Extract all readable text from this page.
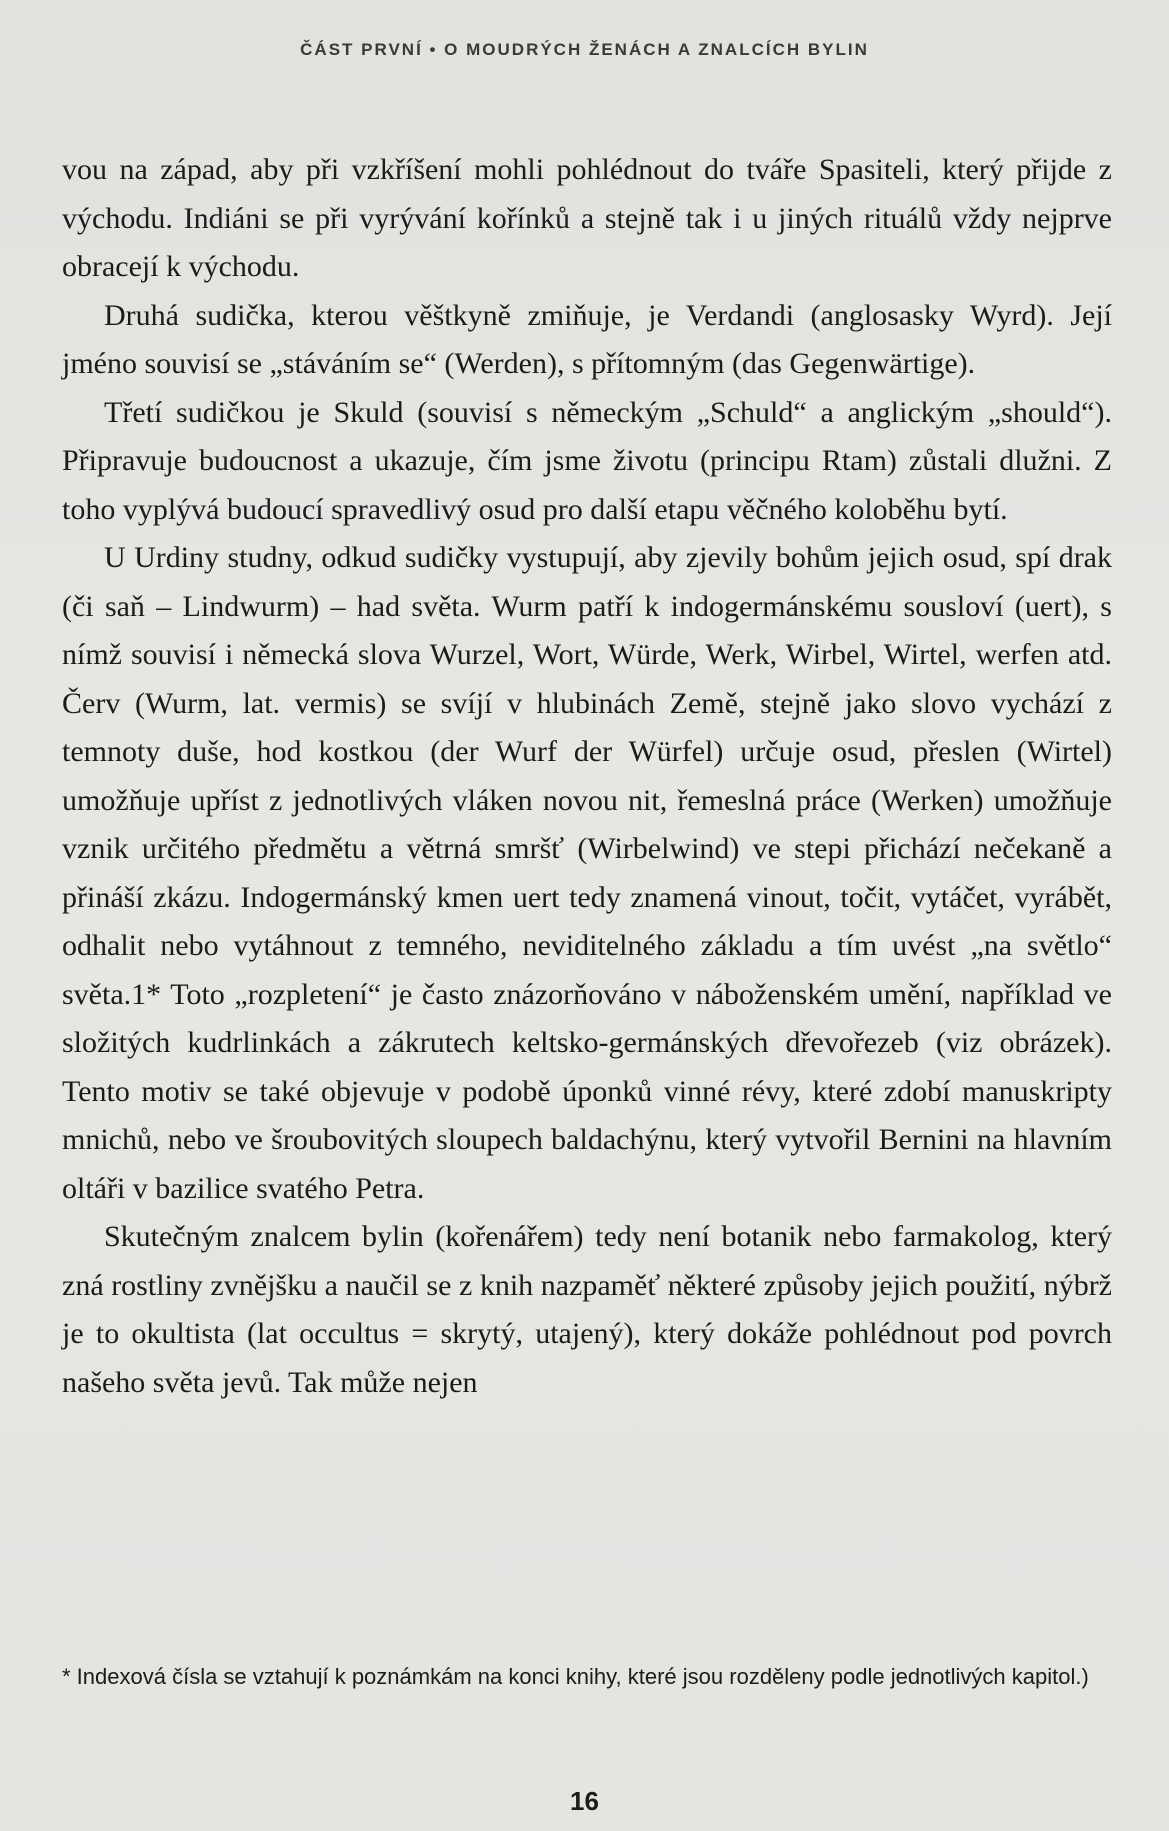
ČÁST PRVNÍ • O MOUDRÝCH ŽENÁCH A ZNALCÍCH BYLIN

vou na západ, aby při vzkříšení mohli pohlédnout do tváře Spasiteli, který přijde z východu. Indiáni se při vyrývání kořínků a stejně tak i u jiných rituálů vždy nejprve obracejí k východu.

Druhá sudička, kterou věštkyně zmiňuje, je Verdandi (anglosasky Wyrd). Její jméno souvisí se „stáváním se“ (Werden), s přítomným (das Gegenwärtige).

Třetí sudičkou je Skuld (souvisí s německým „Schuld“ a anglickým „should“). Připravuje budoucnost a ukazuje, čím jsme životu (principu Rtam) zůstali dlužni. Z toho vyplývá budoucí spravedlivý osud pro další etapu věčného koloběhu bytí.

U Urdiny studny, odkud sudičky vystupují, aby zjevily bohům jejich osud, spí drak (či saň – Lindwurm) – had světa. Wurm patří k indogermánskému sousloví (uert), s nímž souvisí i německá slova Wurzel, Wort, Würde, Werk, Wirbel, Wirtel, werfen atd. Červ (Wurm, lat. vermis) se svíjí v hlubinách Země, stejně jako slovo vychází z temnoty duše, hod kostkou (der Wurf der Würfel) určuje osud, přeslen (Wirtel) umožňuje upříst z jednotlivých vláken novou nit, řemeslná práce (Werken) umožňuje vznik určitého předmětu a větrná smršť (Wirbelwind) ve stepi přichází nečekaně a přináší zkázu. Indogermánský kmen uert tedy znamená vinout, točit, vytáčet, vyrábět, odhalit nebo vytáhnout z temného, neviditelného základu a tím uvést „na světlo“ světa.1* Toto „rozpletení“ je často znázorňováno v náboženském umění, například ve složitých kudrlinkách a zákrutech keltsko-germánských dřevořezeb (viz obrázek). Tento motiv se také objevuje v podobě úponků vinné révy, které zdobí manuskripty mnichů, nebo ve šroubovitých sloupech baldachýnu, který vytvořil Bernini na hlavním oltáři v bazilice svatého Petra.

Skutečným znalcem bylin (kořenářem) tedy není botanik nebo farmakolog, který zná rostliny zvnějšku a naučil se z knih nazpaměť některé způsoby jejich použití, nýbrž je to okultista (lat occultus = skrytý, utajený), který dokáže pohlédnout pod povrch našeho světa jevů. Tak může nejen

* Indexová čísla se vztahují k poznámkám na konci knihy, které jsou rozděleny podle jednotlivých kapitol.)
16
